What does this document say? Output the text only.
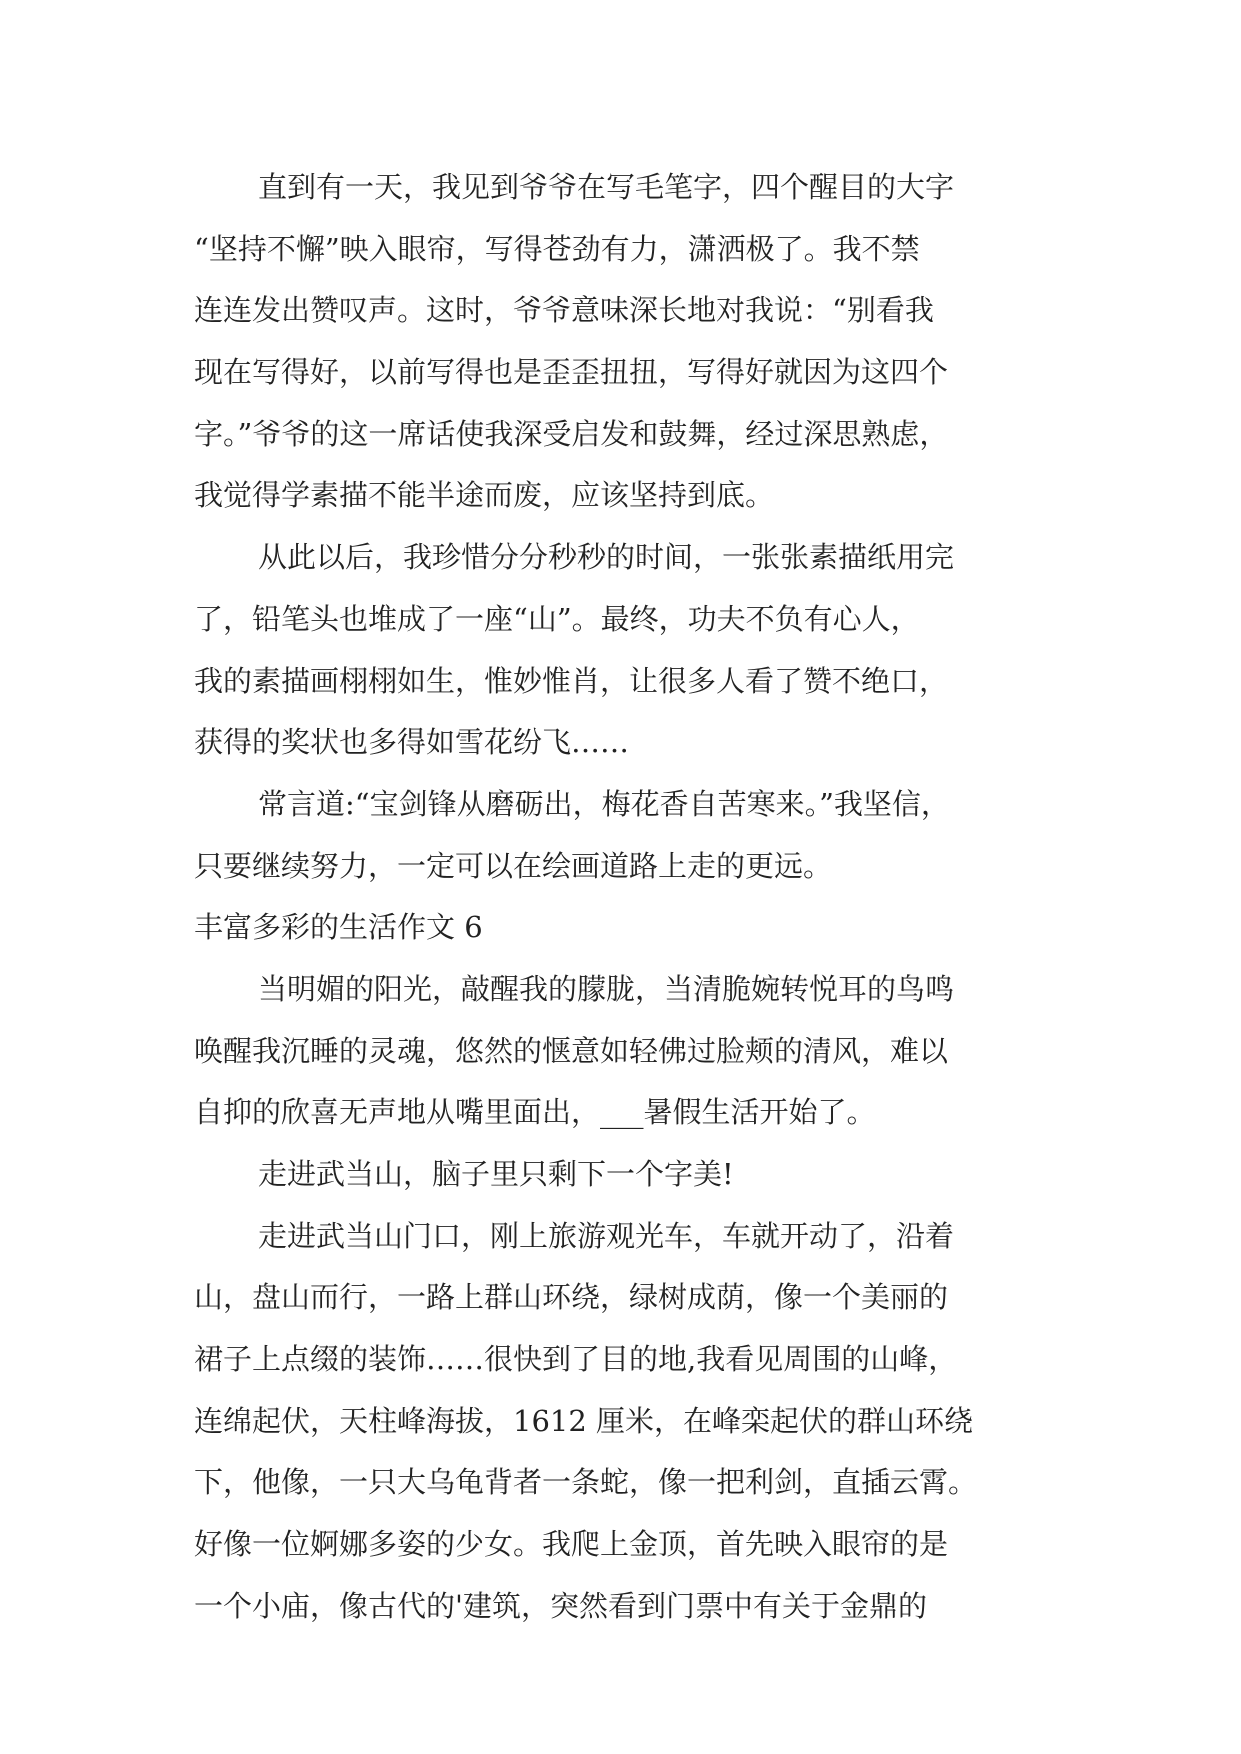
直到有一天，我见到爷爷在写毛笔字，四个醒目的大字
“坚持不懈”映入眼帘，写得苍劲有力，潇洒极了。我不禁
连连发出赞叹声。这时，爷爷意味深长地对我说：“别看我
现在写得好，以前写得也是歪歪扭扭，写得好就因为这四个
字。”爷爷的这一席话使我深受启发和鼓舞，经过深思熟虑，
我觉得学素描不能半途而废，应该坚持到底。
从此以后，我珍惜分分秒秒的时间，一张张素描纸用完
了，铅笔头也堆成了一座“山”。最终，功夫不负有心人，
我的素描画栩栩如生，惟妙惟肖，让很多人看了赞不绝口，
获得的奖状也多得如雪花纷飞……
常言道:“宝剑锋从磨砺出，梅花香自苦寒来。”我坚信，
只要继续努力，一定可以在绘画道路上走的更远。
丰富多彩的生活作文 6
当明媚的阳光，敲醒我的朦胧，当清脆婉转悦耳的鸟鸣
唤醒我沉睡的灵魂，悠然的惬意如轻佛过脸颊的清风，难以
自抑的欣喜无声地从嘴里面出，___暑假生活开始了。
走进武当山，脑子里只剩下一个字美!
走进武当山门口，刚上旅游观光车，车就开动了，沿着
山，盘山而行，一路上群山环绕，绿树成荫，像一个美丽的
裙子上点缀的装饰……很快到了目的地,我看见周围的山峰，
连绵起伏，天柱峰海拔，1612 厘米，在峰栾起伏的群山环绕
下，他像，一只大乌龟背者一条蛇，像一把利剑，直插云霄。
好像一位婀娜多姿的少女。我爬上金顶，首先映入眼帘的是
一个小庙，像古代的'建筑，突然看到门票中有关于金鼎的
